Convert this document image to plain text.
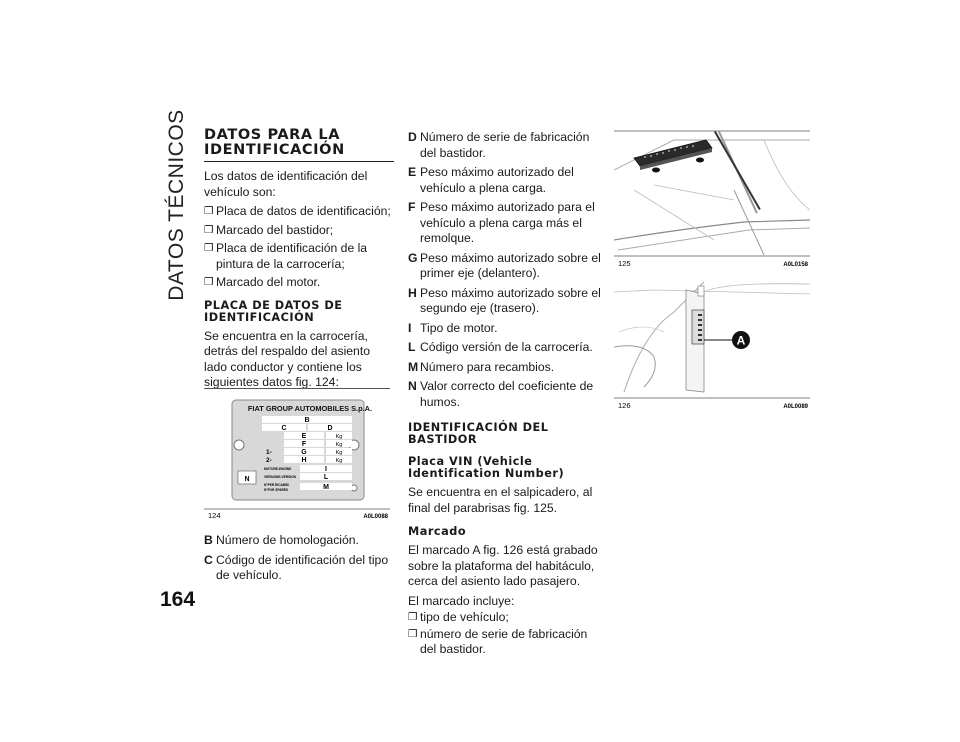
DATOS TÉCNICOS
164
DATOS PARA LA IDENTIFICACIÓN

Los datos de identificación del vehículo son:

❒ Placa de datos de identificación;
❒ Marcado del bastidor;
❒ Placa de identificación de la pintura de la carrocería;
❒ Marcado del motor.
PLACA DE DATOS DE IDENTIFICACIÓN

Se encuentra en la carrocería, detrás del respaldo del asiento lado conductor y contiene los siguientes datos fig. 124:

FIAT GROUP AUTOMOBILES S.p.A.
B
C	D
E
F
G
H
Kg
Kg
Kg
Kg
1-
2-
I
L
M
MOTORE-ENGINE
VERSIONE-VERSION
N°PER RICAMBI
N°FOR SPARES
N
124	A0L0088
B Número de homologación.
C Código de identificación del tipo de vehículo.
D Número de serie de fabricación del bastidor.
E Peso máximo autorizado del vehículo a plena carga.
F Peso máximo autorizado para el vehículo a plena carga más el remolque.
G Peso máximo autorizado sobre el primer eje (delantero).
H Peso máximo autorizado sobre el segundo eje (trasero).
I Tipo de motor.
L Código versión de la carrocería.
M Número para recambios.
N Valor correcto del coeficiente de humos.
IDENTIFICACIÓN DEL BASTIDOR
Placa VIN (Vehicle Identification Number)

Se encuentra en el salpicadero, al final del parabrisas fig. 125.

Marcado

El marcado A fig. 126 está grabado sobre la plataforma del habitáculo, cerca del asiento lado pasajero.

El marcado incluye:

❒ tipo de vehículo;
❒ número de serie de fabricación del bastidor.
125	A0L0158
A
126	A0L0089
